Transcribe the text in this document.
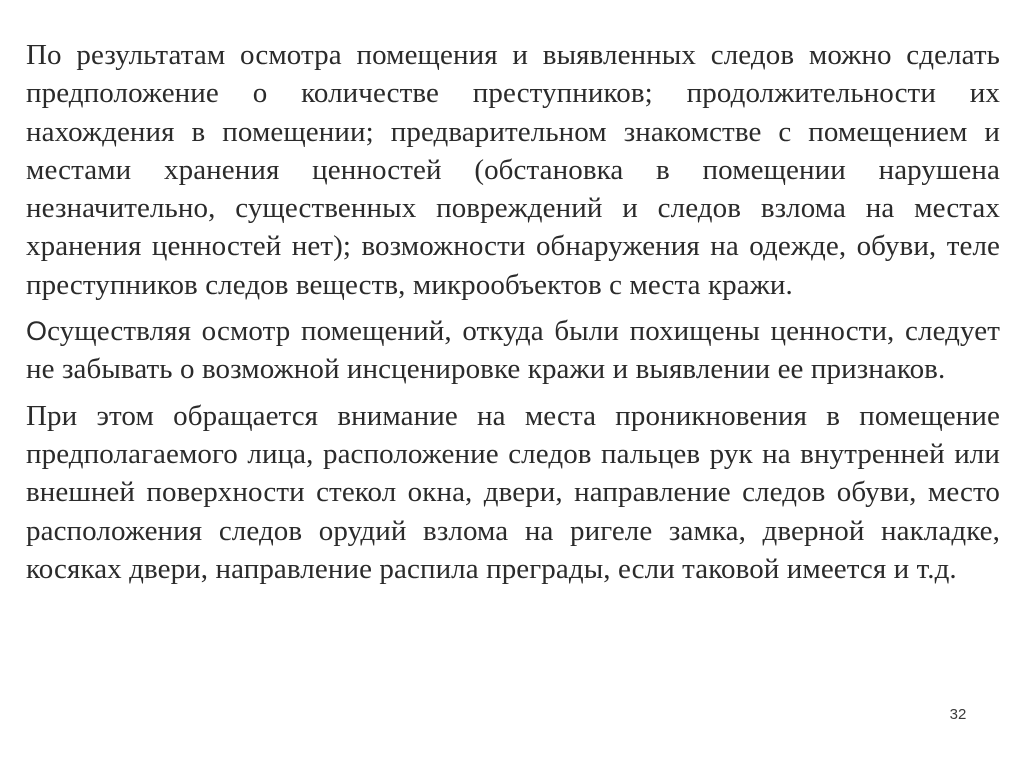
По результатам осмотра помещения и выявленных следов можно сделать предположение о количестве преступников; продолжительности их нахождения в помещении; предварительном знакомстве с помещением и местами хранения ценностей (обстановка в помещении нарушена незначительно, существенных повреждений и следов взлома на местах хранения ценностей нет); возможности обнаружения на одежде, обуви, теле преступников следов веществ, микрообъектов с места кражи.

Осуществляя осмотр помещений, откуда были похищены ценности, следует не забывать о возможной инсценировке кражи и выявлении ее признаков.

При этом обращается внимание на места проникновения в помещение предполагаемого лица, расположение следов пальцев рук на внутренней или внешней поверхности стекол окна, двери, направление следов обуви, место расположения следов орудий взлома на ригеле замка, дверной накладке, косяках двери, направление распила преграды, если таковой имеется и т.д.

32
